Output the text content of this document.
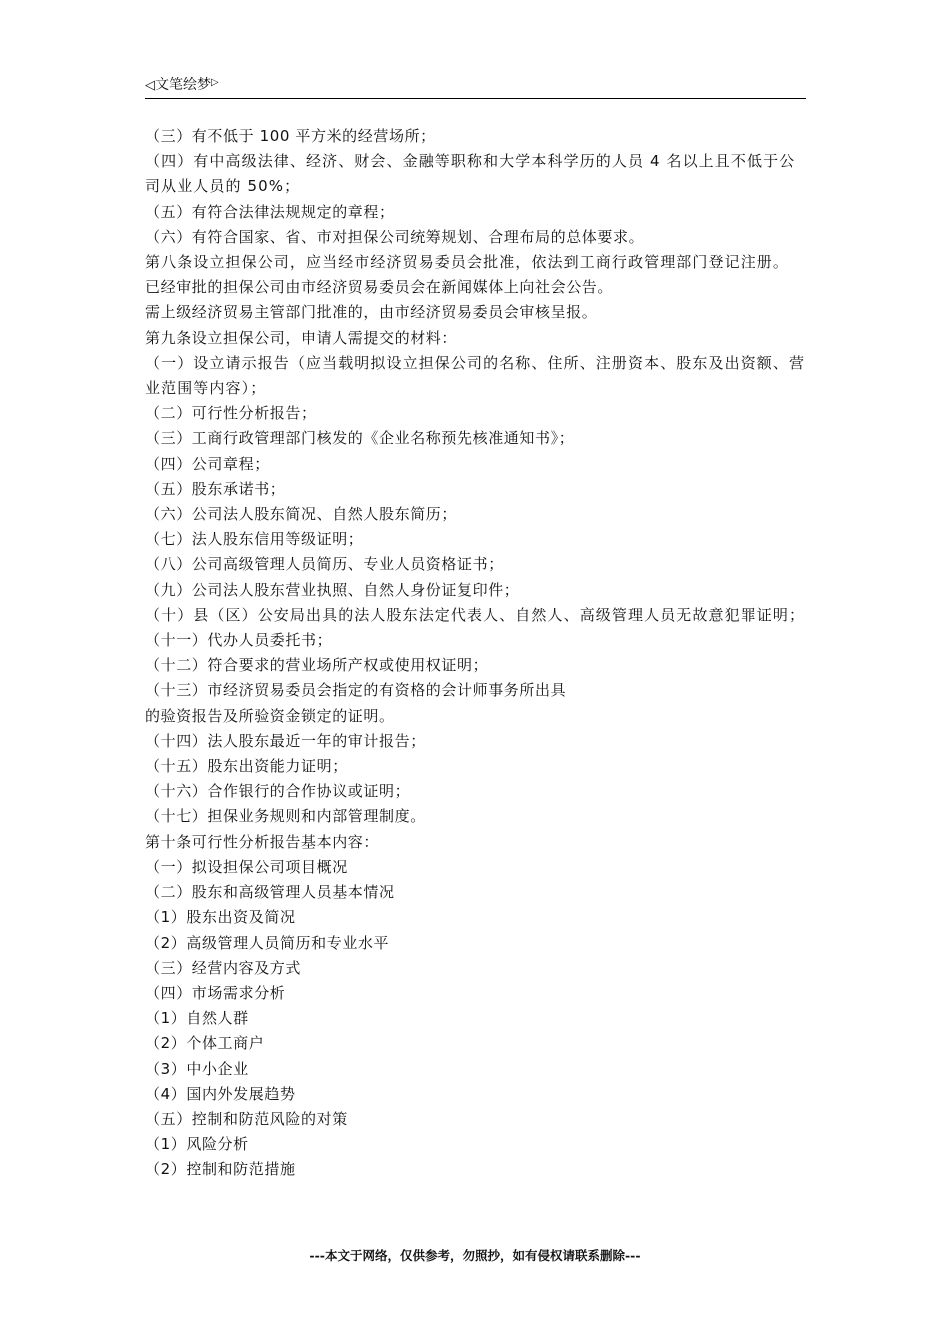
◁文笔绘梦▷

（三）有不低于 100 平方米的经营场所；

（四）有中高级法律、经济、财会、金融等职称和大学本科学历的人员 4 名以上且不低于公司从业人员的 50%；

（五）有符合法律法规规定的章程；

（六）有符合国家、省、市对担保公司统筹规划、合理布局的总体要求。

第八条设立担保公司，应当经市经济贸易委员会批准，依法到工商行政管理部门登记注册。

已经审批的担保公司由市经济贸易委员会在新闻媒体上向社会公告。

需上级经济贸易主管部门批准的，由市经济贸易委员会审核呈报。

第九条设立担保公司，申请人需提交的材料：

（一）设立请示报告（应当载明拟设立担保公司的名称、住所、注册资本、股东及出资额、营业范围等内容）；

（二）可行性分析报告；

（三）工商行政管理部门核发的《企业名称预先核准通知书》；

（四）公司章程；

（五）股东承诺书；

（六）公司法人股东简况、自然人股东简历；

（七）法人股东信用等级证明；

（八）公司高级管理人员简历、专业人员资格证书；

（九）公司法人股东营业执照、自然人身份证复印件；

（十）县（区）公安局出具的法人股东法定代表人、自然人、高级管理人员无故意犯罪证明；

（十一）代办人员委托书；

（十二）符合要求的营业场所产权或使用权证明；

（十三）市经济贸易委员会指定的有资格的会计师事务所出具

的验资报告及所验资金锁定的证明。

（十四）法人股东最近一年的审计报告；

（十五）股东出资能力证明；

（十六）合作银行的合作协议或证明；

（十七）担保业务规则和内部管理制度。

第十条可行性分析报告基本内容：

（一）拟设担保公司项目概况

（二）股东和高级管理人员基本情况

（1）股东出资及简况

（2）高级管理人员简历和专业水平

（三）经营内容及方式

（四）市场需求分析

（1）自然人群

（2）个体工商户

（3）中小企业

（4）国内外发展趋势

（五）控制和防范风险的对策

（1）风险分析

（2）控制和防范措施

---本文于网络，仅供参考，勿照抄，如有侵权请联系删除---
